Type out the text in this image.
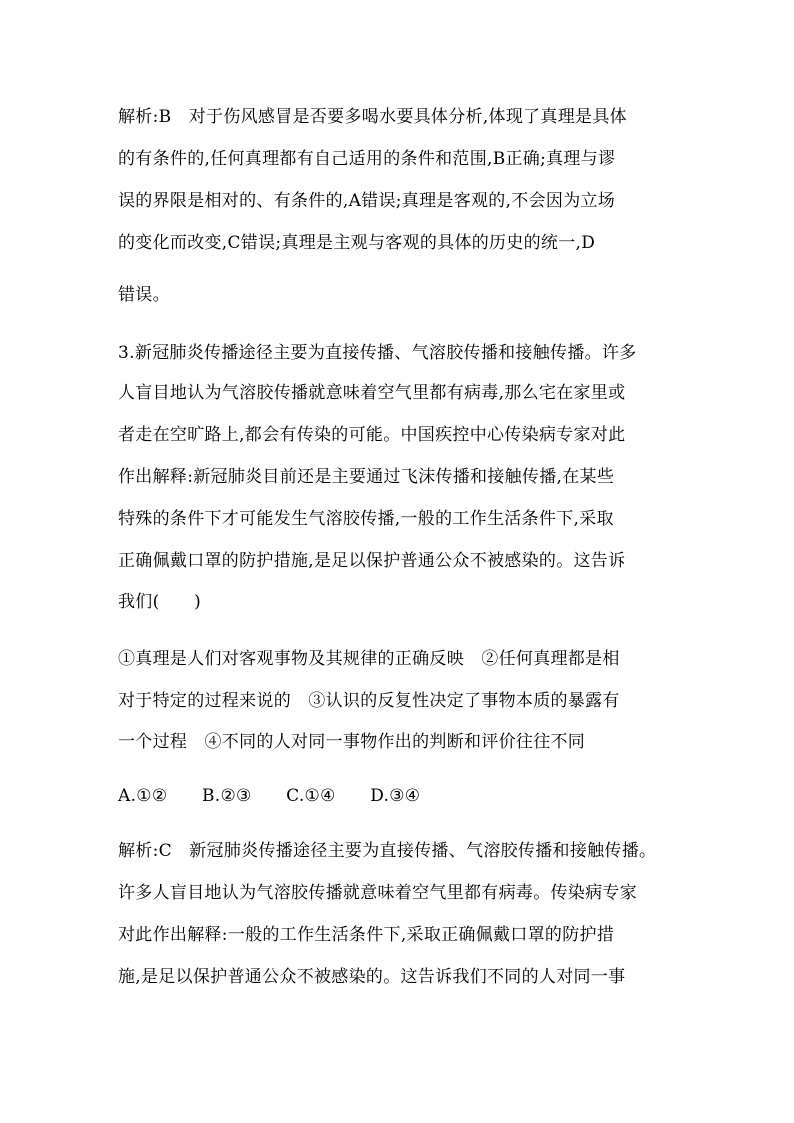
解析:B　对于伤风感冒是否要多喝水要具体分析,体现了真理是具体
的有条件的,任何真理都有自己适用的条件和范围,B正确;真理与谬
误的界限是相对的、有条件的,A错误;真理是客观的,不会因为立场
的变化而改变,C错误;真理是主观与客观的具体的历史的统一,D
错误。
3.新冠肺炎传播途径主要为直接传播、气溶胶传播和接触传播。许多
人盲目地认为气溶胶传播就意味着空气里都有病毒,那么宅在家里或
者走在空旷路上,都会有传染的可能。中国疾控中心传染病专家对此
作出解释:新冠肺炎目前还是主要通过飞沫传播和接触传播,在某些
特殊的条件下才可能发生气溶胶传播,一般的工作生活条件下,采取
正确佩戴口罩的防护措施,是足以保护普通公众不被感染的。这告诉
我们(　　)
①真理是人们对客观事物及其规律的正确反映　②任何真理都是相
对于特定的过程来说的　③认识的反复性决定了事物本质的暴露有
一个过程　④不同的人对同一事物作出的判断和评价往往不同
A.①②　　B.②③　　C.①④　　D.③④
解析:C　新冠肺炎传播途径主要为直接传播、气溶胶传播和接触传播。
许多人盲目地认为气溶胶传播就意味着空气里都有病毒。传染病专家
对此作出解释:一般的工作生活条件下,采取正确佩戴口罩的防护措
施,是足以保护普通公众不被感染的。这告诉我们不同的人对同一事
